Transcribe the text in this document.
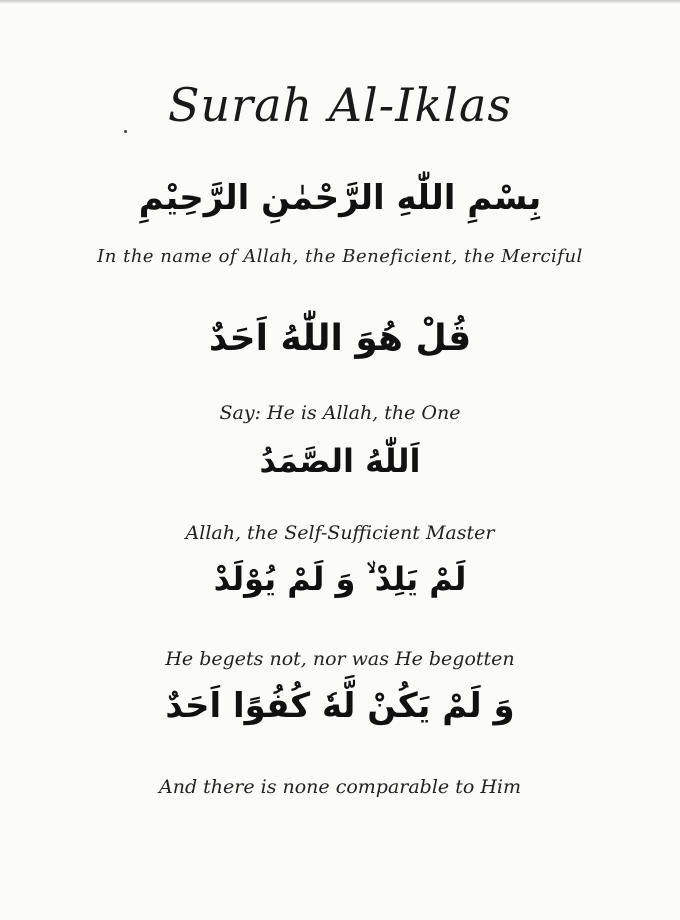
Surah Al-Iklas
بِسْمِ اللّٰهِ الرَّحْمٰنِ الرَّحِيْمِ
In the name of Allah, the Beneficient, the Merciful
قُلْ هُوَ اللّٰهُ اَحَدٌ
Say: He is Allah, the One
اَللّٰهُ الصَّمَدُ
Allah, the Self-Sufficient Master
لَمْ يَلِدْ ۙ وَ لَمْ يُوْلَدْ
He begets not, nor was He begotten
وَ لَمْ يَكُنْ لَّهٗ كُفُوًا اَحَدٌ
And there is none comparable to Him
